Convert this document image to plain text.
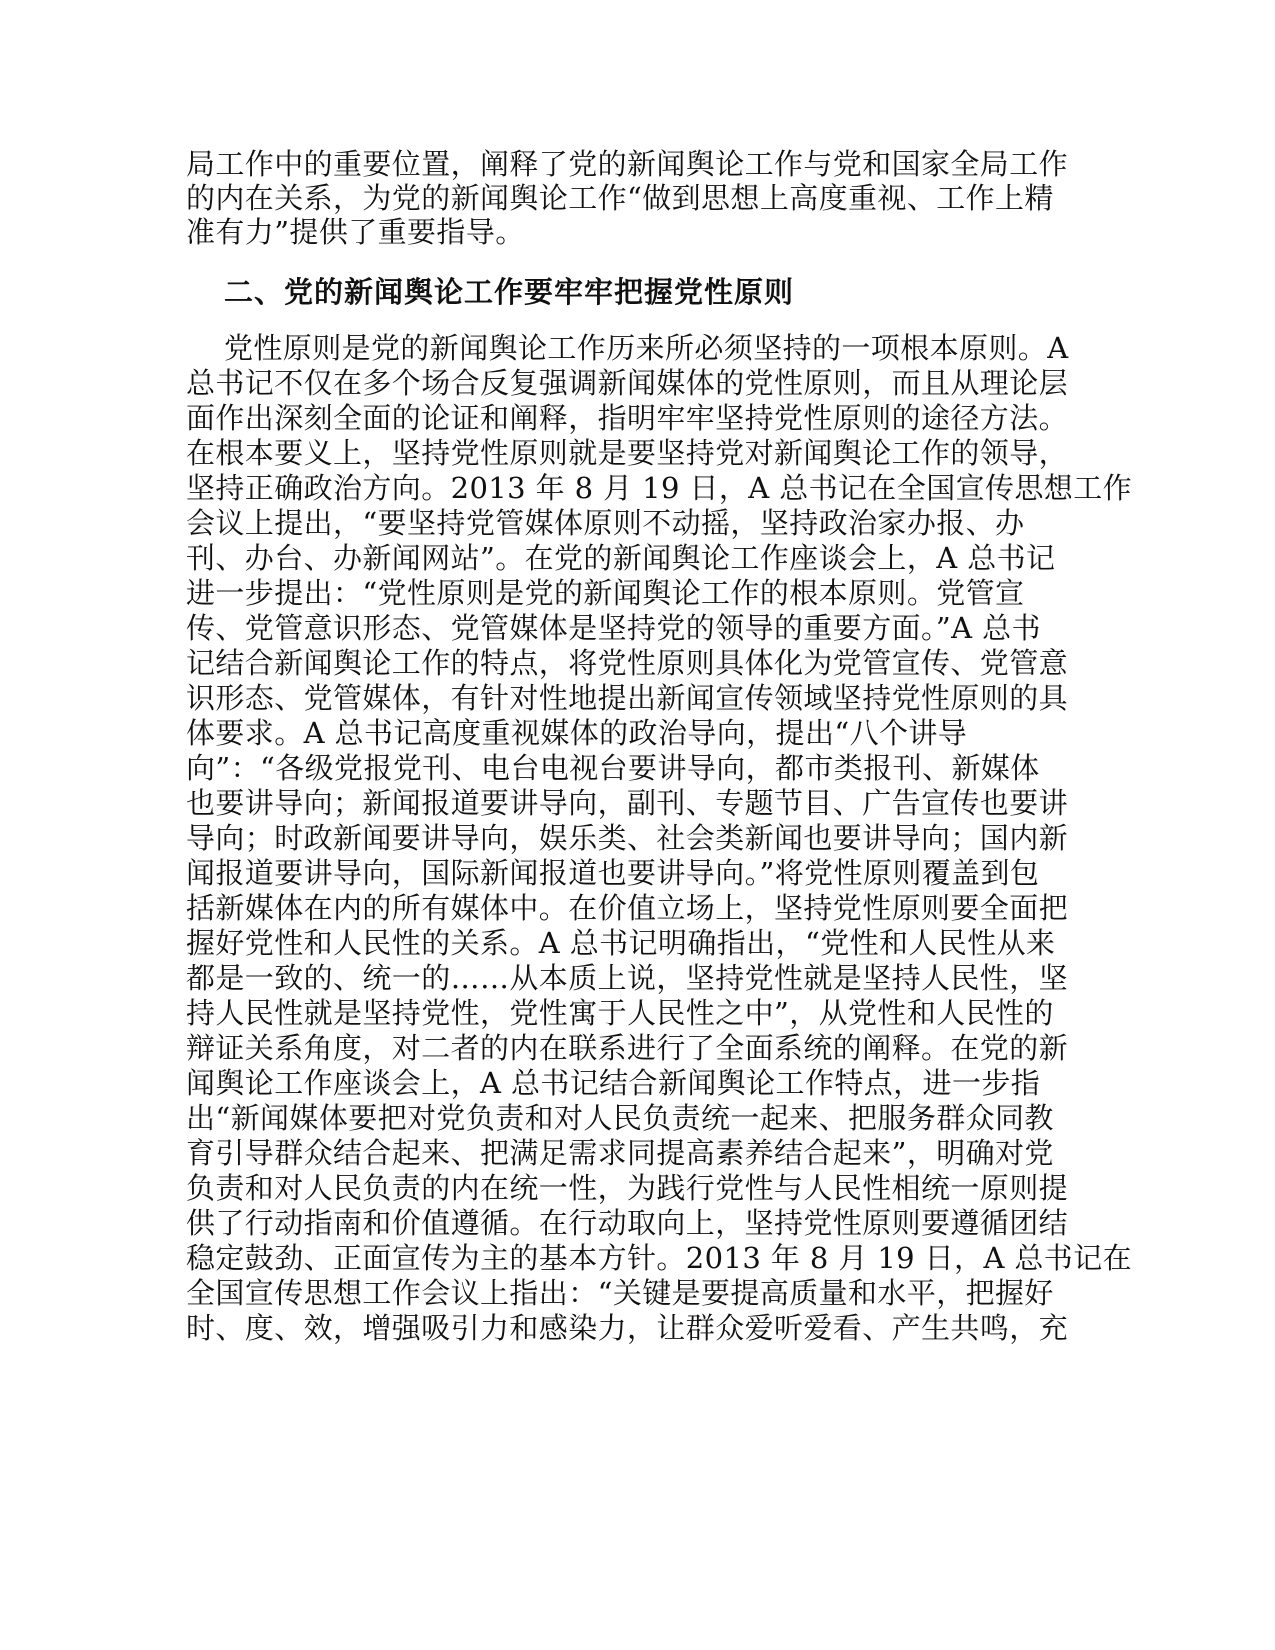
局工作中的重要位置，阐释了党的新闻舆论工作与党和国家全局工作
的内在关系，为党的新闻舆论工作“做到思想上高度重视、工作上精
准有力”提供了重要指导。
二、党的新闻舆论工作要牢牢把握党性原则
党性原则是党的新闻舆论工作历来所必须坚持的一项根本原则。A
总书记不仅在多个场合反复强调新闻媒体的党性原则，而且从理论层
面作出深刻全面的论证和阐释，指明牢牢坚持党性原则的途径方法。
在根本要义上，坚持党性原则就是要坚持党对新闻舆论工作的领导，
坚持正确政治方向。2013 年 8 月 19 日，A 总书记在全国宣传思想工作
会议上提出，“要坚持党管媒体原则不动摇，坚持政治家办报、办
刊、办台、办新闻网站”。在党的新闻舆论工作座谈会上，A 总书记
进一步提出：“党性原则是党的新闻舆论工作的根本原则。党管宣
传、党管意识形态、党管媒体是坚持党的领导的重要方面。”A 总书
记结合新闻舆论工作的特点，将党性原则具体化为党管宣传、党管意
识形态、党管媒体，有针对性地提出新闻宣传领域坚持党性原则的具
体要求。A 总书记高度重视媒体的政治导向，提出“八个讲导
向”：“各级党报党刊、电台电视台要讲导向，都市类报刊、新媒体
也要讲导向；新闻报道要讲导向，副刊、专题节目、广告宣传也要讲
导向；时政新闻要讲导向，娱乐类、社会类新闻也要讲导向；国内新
闻报道要讲导向，国际新闻报道也要讲导向。”将党性原则覆盖到包
括新媒体在内的所有媒体中。在价值立场上，坚持党性原则要全面把
握好党性和人民性的关系。A 总书记明确指出，“党性和人民性从来
都是一致的、统一的……从本质上说，坚持党性就是坚持人民性，坚
持人民性就是坚持党性，党性寓于人民性之中”，从党性和人民性的
辩证关系角度，对二者的内在联系进行了全面系统的阐释。在党的新
闻舆论工作座谈会上，A 总书记结合新闻舆论工作特点，进一步指
出“新闻媒体要把对党负责和对人民负责统一起来、把服务群众同教
育引导群众结合起来、把满足需求同提高素养结合起来”，明确对党
负责和对人民负责的内在统一性，为践行党性与人民性相统一原则提
供了行动指南和价值遵循。在行动取向上，坚持党性原则要遵循团结
稳定鼓劲、正面宣传为主的基本方针。2013 年 8 月 19 日，A 总书记在
全国宣传思想工作会议上指出：“关键是要提高质量和水平，把握好
时、度、效，增强吸引力和感染力，让群众爱听爱看、产生共鸣，充
